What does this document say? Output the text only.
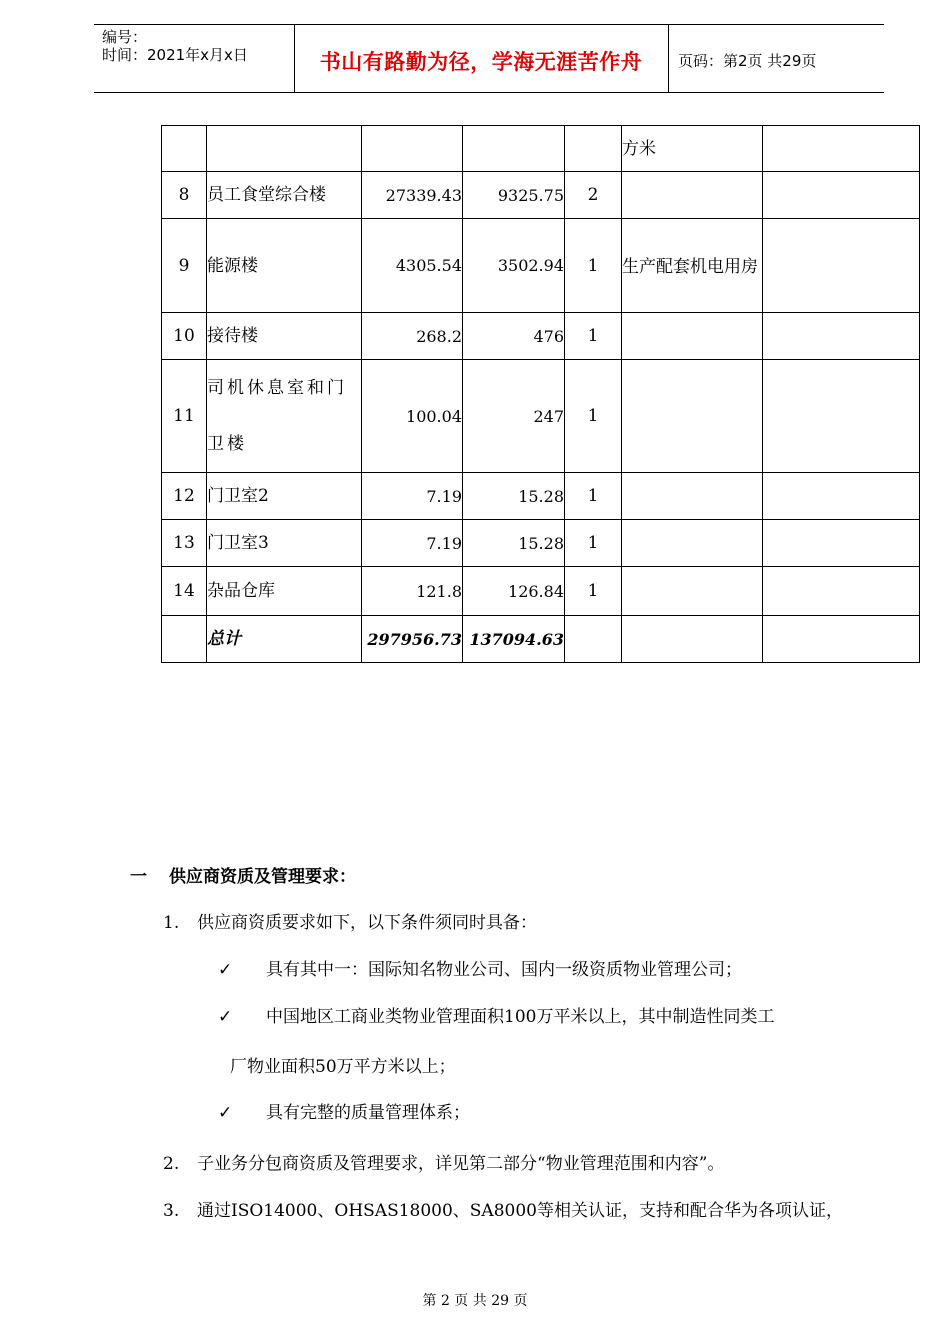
编号：
时间：2021年x月x日	书山有路勤为径，学海无涯苦作舟	页码：第2页 共29页
					方米	
8	员工食堂综合楼	27339.43	9325.75	2		
9	能源楼	4305.54	3502.94	1	生产配套机电用房	
10	接待楼	268.2	476	1		
11	司机休息室和门卫楼	100.04	247	1		
12	门卫室2	7.19	15.28	1		
13	门卫室3	7.19	15.28	1		
14	杂品仓库	121.8	126.84	1		
	总计	297956.73	137094.63			
一 供应商资质及管理要求：
1. 供应商资质要求如下，以下条件须同时具备：
✓ 具有其中一：国际知名物业公司、国内一级资质物业管理公司；
✓ 中国地区工商业类物业管理面积100万平米以上，其中制造性同类工
厂物业面积50万平方米以上；
✓ 具有完整的质量管理体系；
2. 子业务分包商资质及管理要求，详见第二部分“物业管理范围和内容”。
3. 通过ISO14000、OHSAS18000、SA8000等相关认证，支持和配合华为各项认证，
第 2 页 共 29 页
